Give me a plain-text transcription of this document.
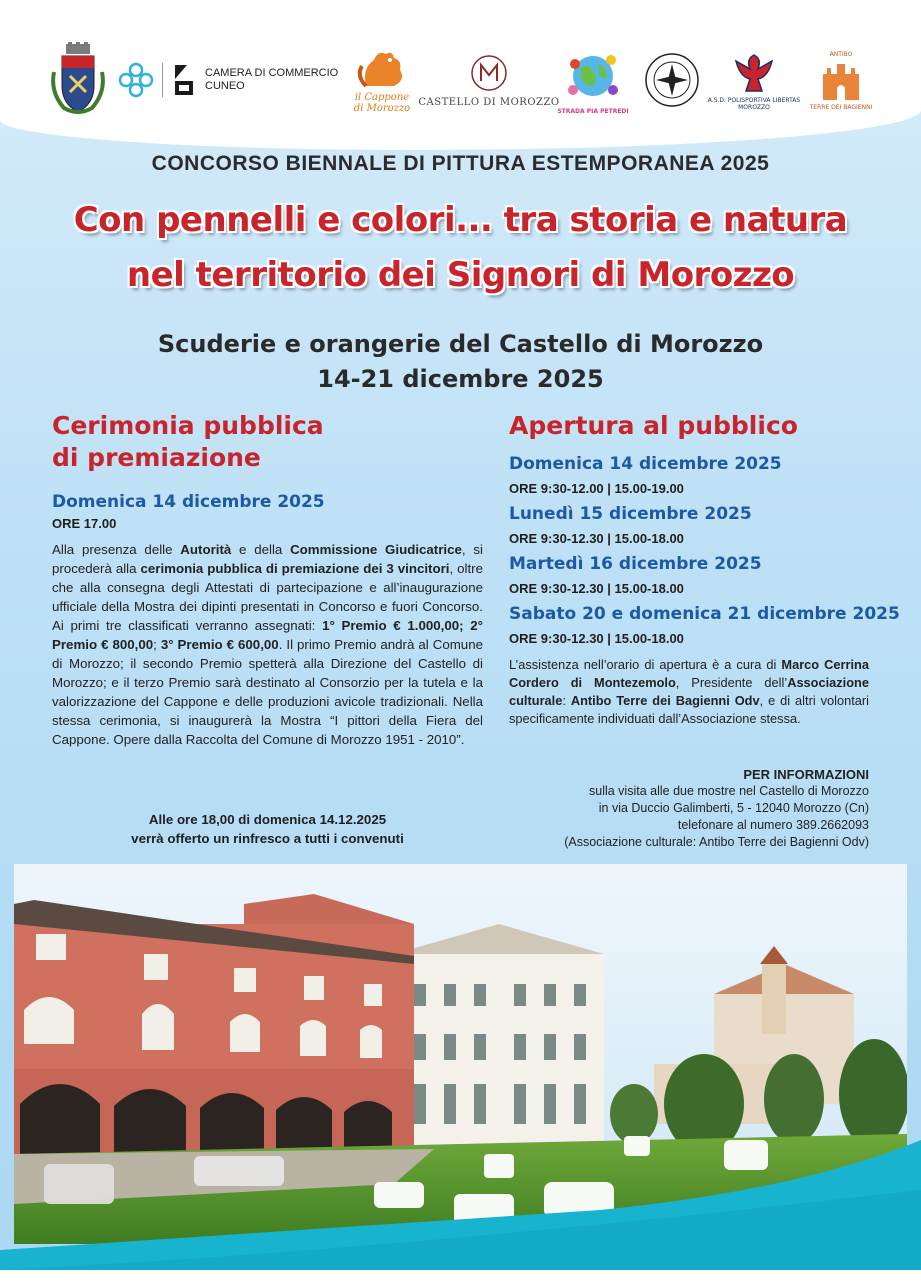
CAMERA DI COMMERCIO
CUNEO
il Cappone
di Morozzo
CASTELLO DI MOROZZO
STRADA PIA PETREDI
A.S.D. POLISPORTIVA LIBERTAS
MOROZZO
ANTIBO
TERRE DEI BAGIENNI
CONCORSO BIENNALE DI PITTURA ESTEMPORANEA 2025
Con pennelli e colori... tra storia e natura
nel territorio dei Signori di Morozzo
Scuderie e orangerie del Castello di Morozzo
14-21 dicembre 2025
Cerimonia pubblica
di premiazione
Domenica 14 dicembre 2025
ORE 17.00
Alla presenza delle Autorità e della Commissione Giudicatrice, si procederà alla cerimonia pubblica di premiazione dei 3 vincitori, oltre che alla consegna degli Attestati di partecipazione e all’inaugurazione ufficiale della Mostra dei dipinti presentati in Concorso e fuori Concorso. Ai primi tre classificati verranno assegnati: 1° Premio € 1.000,00; 2° Premio € 800,00; 3° Premio € 600,00. Il primo Premio andrà al Comune di Morozzo; il secondo Premio spetterà alla Direzione del Castello di Morozzo; e il terzo Premio sarà destinato al Consorzio per la tutela e la valorizzazione del Cappone e delle produzioni avicole tradizionali. Nella stessa cerimonia, si inaugurerà la Mostra “I pittori della Fiera del Cappone. Opere dalla Raccolta del Comune di Morozzo 1951 - 2010”.
Alle ore 18,00 di domenica 14.12.2025
verrà offerto un rinfresco a tutti i convenuti
Apertura al pubblico
Domenica 14 dicembre 2025
ORE 9:30-12.00 | 15.00-19.00
Lunedì 15 dicembre 2025
ORE 9:30-12.30 | 15.00-18.00
Martedì 16 dicembre 2025
ORE 9:30-12.30 | 15.00-18.00
Sabato 20 e domenica 21 dicembre 2025
ORE 9:30-12.30 | 15.00-18.00
L’assistenza nell’orario di apertura è a cura di Marco Cerrina Cordero di Montezemolo, Presidente dell’Associazione culturale: Antibo Terre dei Bagienni Odv, e di altri volontari specificamente individuati dall’Associazione stessa.
PER INFORMAZIONI
sulla visita alle due mostre nel Castello di Morozzo
in via Duccio Galimberti, 5 - 12040 Morozzo (Cn)
telefonare al numero 389.2662093
(Associazione culturale: Antibo Terre dei Bagienni Odv)
